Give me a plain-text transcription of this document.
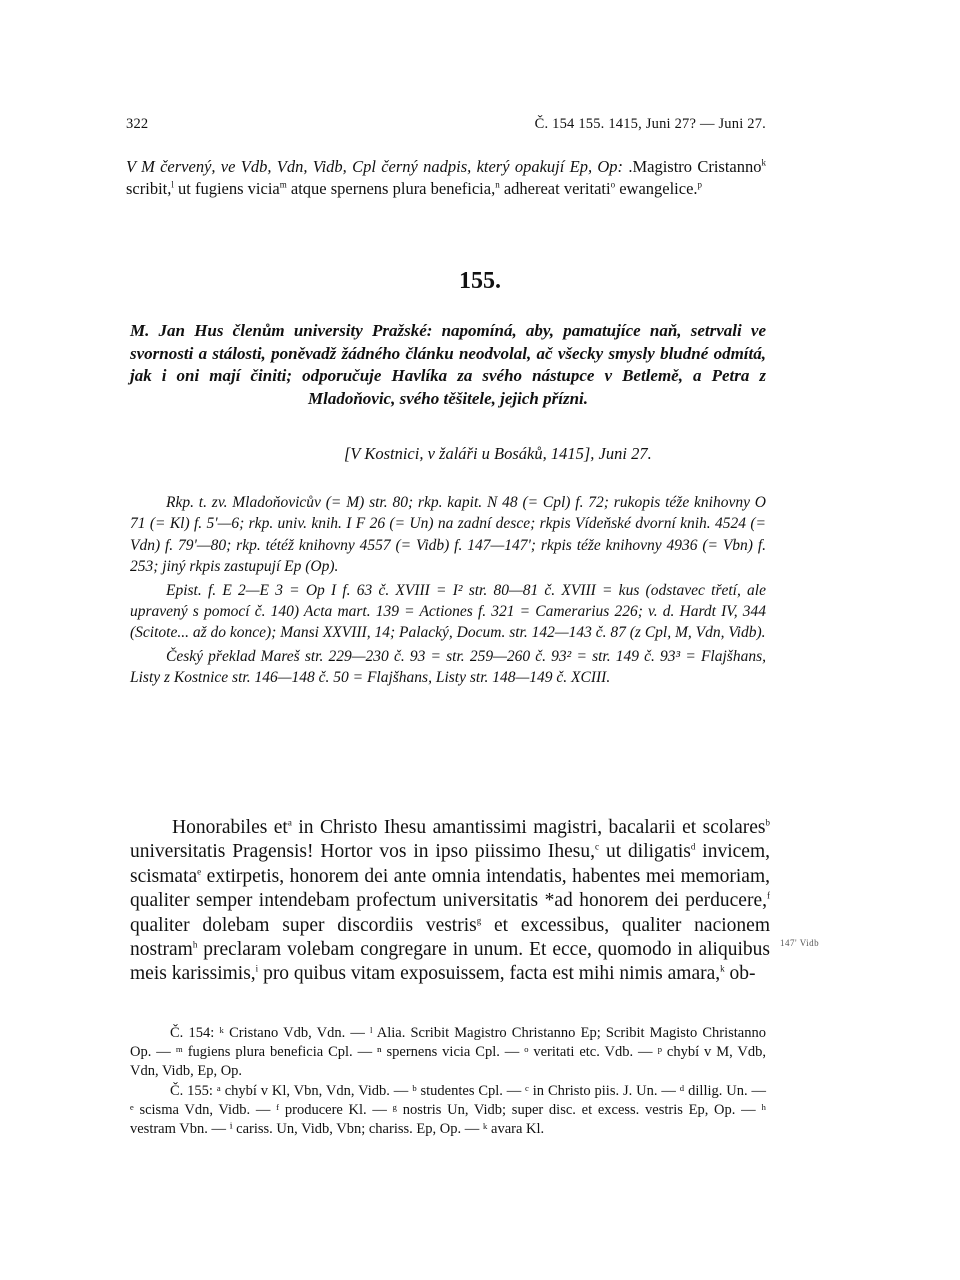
322	Č. 154 155. 1415, Juni 27? — Juni 27.
V M červený, ve Vdb, Vdn, Vidb, Cpl černý nadpis, který opakují Ep, Op: .Magistro Cristanno$^k$ scribit,$^l$ ut fugiens vicia$^m$ atque spernens plura beneficia,$^n$ adhereat veritati$^o$ ewangelice.$^p$
155.
M. Jan Hus členům university Pražské: napomíná, aby, pamatujíce naň, setrvali ve svornosti a stálosti, poněvadž žádného článku neodvolal, ač všecky smysly bludné odmítá, jak i oni mají činiti; odporučuje Havlíka za svého nástupce v Betlemě, a Petra z Mladoňovic, svého těšitele, jejich přízni.
[V Kostnici, v žaláři u Bosáků, 1415], Juni 27.

Rkp. t. zv. Mladoňovicův (= M) str. 80; rkp. kapit. N 48 (= Cpl) f. 72; rukopis téže knihovny O 71 (= Kl) f. 5'—6; rkp. univ. knih. I F 26 (= Un) na zadní desce; rkpis Vídeňské dvorní knih. 4524 (= Vdn) f. 79'—80; rkp. tétéž knihovny 4557 (= Vidb) f. 147—147'; rkpis téže knihovny 4936 (= Vbn) f. 253; jiný rkpis zastupují Ep (Op).

Epist. f. E 2—E 3 = Op I f. 63 č. XVIII = I² str. 80—81 č. XVIII = kus (odstavec třetí, ale upravený s pomocí č. 140) Acta mart. 139 = Actiones f. 321 = Camerarius 226; v. d. Hardt IV, 344 (Scitote... až do konce); Mansi XXVIII, 14; Palacký, Docum. str. 142—143 č. 87 (z Cpl, M, Vdn, Vidb).

Český překlad Mareš str. 229—230 č. 93 = str. 259—260 č. 93² = str. 149 č. 93³ = Flajšhans, Listy z Kostnice str. 146—148 č. 50 = Flajšhans, Listy str. 148—149 č. XCIII.

Honorabiles $et^a$ in Christo Ihesu amantissimi magistri, bacalarii et scolares$^b$ universitatis Pragensis! Hortor vos in ipso piissimo Ihesu,$^c$ ut diligatis$^d$ invicem, scismata$^e$ extirpetis, honorem dei ante omnia intendatis, habentes mei memoriam, qualiter semper intendebam profectum universitatis *ad honorem dei perducere,$^f$ qualiter dolebam super discordiis vestris$^g$ et excessibus, qualiter nacionem nostram$^h$ preclaram volebam congregare in unum. Et ecce, quomodo in aliquibus meis karissimis,$^i$ pro quibus vitam exposuissem, facta est mihi nimis amara,$^k$ ob-

147' Vidb

Č. 154: ᵏ Cristano Vdb, Vdn. — ˡ Alia. Scribit Magistro Christanno Ep; Scribit Magisto Christanno Op. — ᵐ fugiens plura beneficia Cpl. — ⁿ spernens vicia Cpl. — ᵒ veritati etc. Vdb. — ᵖ chybí v M, Vdb, Vdn, Vidb, Ep, Op.

Č. 155: ᵃ chybí v Kl, Vbn, Vdn, Vidb. — ᵇ studentes Cpl. — ᶜ in Christo piis. J. Un. — ᵈ dillig. Un. — ᵉ scisma Vdn, Vidb. — ᶠ producere Kl. — ᵍ nostris Un, Vidb; super disc. et excess. vestris Ep, Op. — ʰ vestram Vbn. — ⁱ cariss. Un, Vidb, Vbn; chariss. Ep, Op. — ᵏ avara Kl.
